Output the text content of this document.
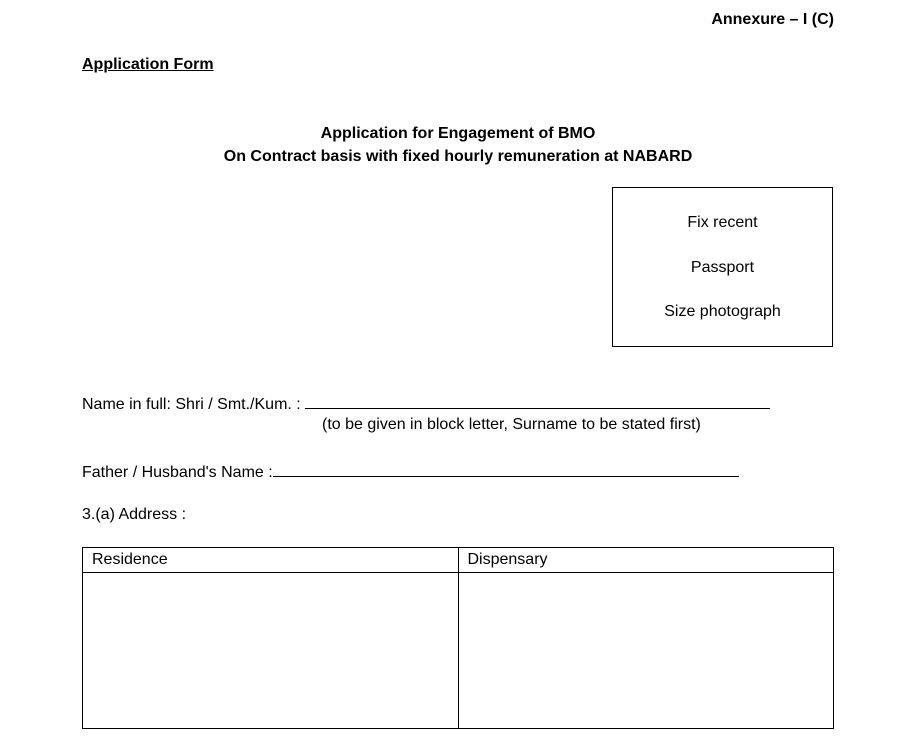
Annexure – I (C)
Application Form
Application for Engagement of BMO
On Contract basis with fixed hourly remuneration at NABARD
Fix recent
Passport
Size photograph
Name in full: Shri / Smt./Kum. :
(to be given in block letter, Surname to be stated first)
Father / Husband's Name :
3.(a) Address :
Residence	Dispensary
